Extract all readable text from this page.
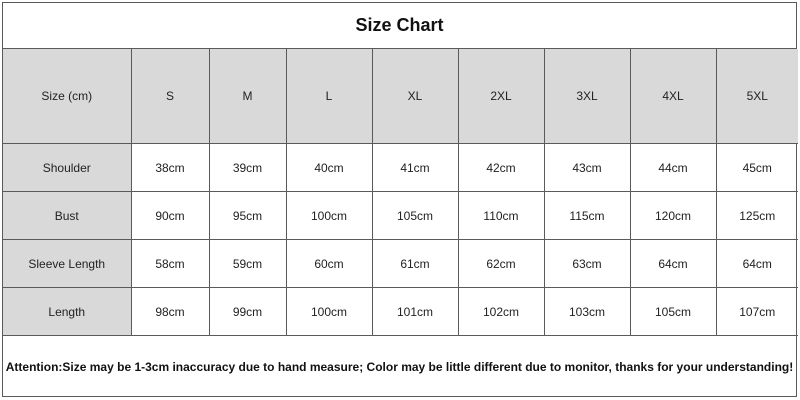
Size Chart
Size (cm)	S	M	L	XL	2XL	3XL	4XL	5XL
Shoulder	38cm	39cm	40cm	41cm	42cm	43cm	44cm	45cm
Bust	90cm	95cm	100cm	105cm	110cm	115cm	120cm	125cm
Sleeve Length	58cm	59cm	60cm	61cm	62cm	63cm	64cm	64cm
Length	98cm	99cm	100cm	101cm	102cm	103cm	105cm	107cm
Attention:Size may be 1-3cm inaccuracy due to hand measure; Color may be little different due to monitor, thanks for your understanding!
